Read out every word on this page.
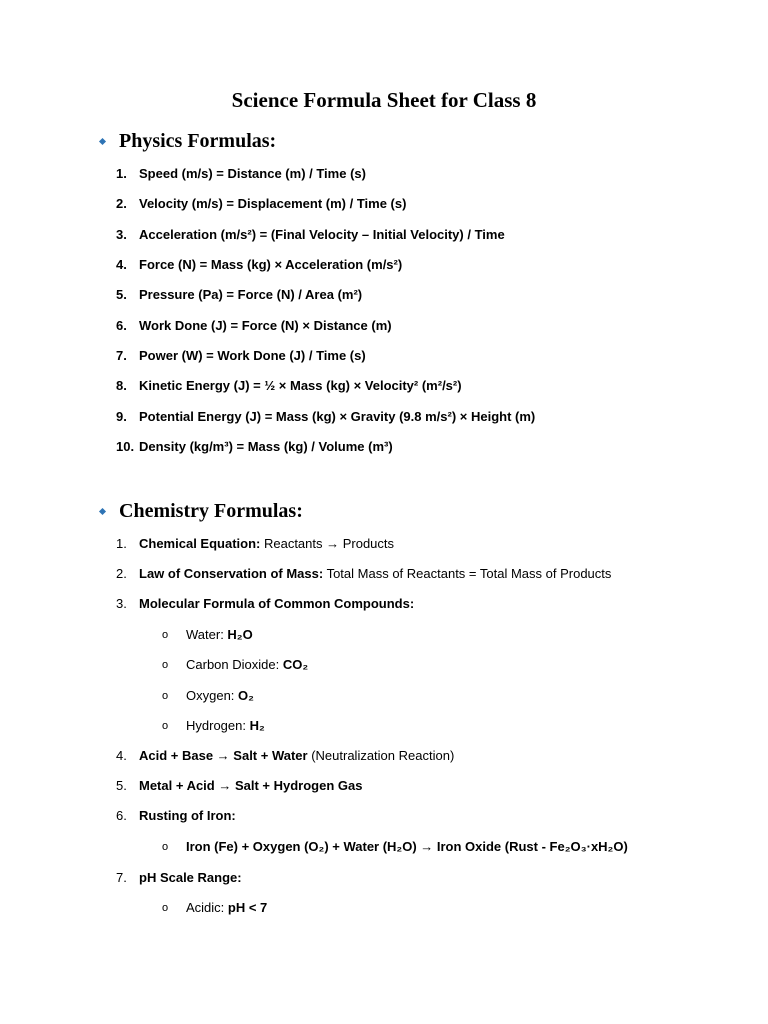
Science Formula Sheet for Class 8
Physics Formulas:
1. Speed (m/s) = Distance (m) / Time (s)
2. Velocity (m/s) = Displacement (m) / Time (s)
3. Acceleration (m/s²) = (Final Velocity – Initial Velocity) / Time
4. Force (N) = Mass (kg) × Acceleration (m/s²)
5. Pressure (Pa) = Force (N) / Area (m²)
6. Work Done (J) = Force (N) × Distance (m)
7. Power (W) = Work Done (J) / Time (s)
8. Kinetic Energy (J) = ½ × Mass (kg) × Velocity² (m²/s²)
9. Potential Energy (J) = Mass (kg) × Gravity (9.8 m/s²) × Height (m)
10. Density (kg/m³) = Mass (kg) / Volume (m³)
Chemistry Formulas:
1. Chemical Equation: Reactants → Products
2. Law of Conservation of Mass: Total Mass of Reactants = Total Mass of Products
3. Molecular Formula of Common Compounds:
4. Acid + Base → Salt + Water (Neutralization Reaction)
5. Metal + Acid → Salt + Hydrogen Gas
6. Rusting of Iron:
7. pH Scale Range:
o Water: H₂O
o Carbon Dioxide: CO₂
o Oxygen: O₂
o Hydrogen: H₂
o Iron (Fe) + Oxygen (O₂) + Water (H₂O) → Iron Oxide (Rust - Fe₂O₃·xH₂O)
o Acidic: pH < 7
